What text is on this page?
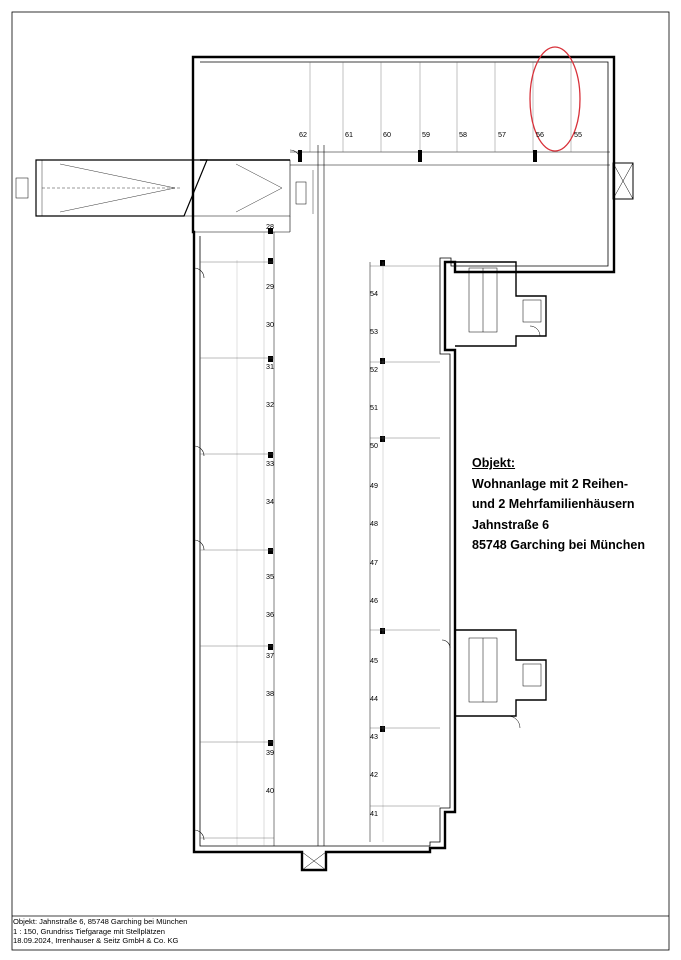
62	61	60	59	58	57	56	55
28
29
30
31
32
33
34
35
36
37
38
39
40
54
53
52
51
50
49
48
47
46
45
44
43
42
41
Objekt:
Wohnanlage mit 2 Reihen-
und 2 Mehrfamilienhäusern
Jahnstraße 6
85748 Garching bei München
Objekt: Jahnstraße 6, 85748 Garching bei München
1 : 150, Grundriss Tiefgarage mit Stellplätzen
18.09.2024, Irrenhauser & Seitz GmbH & Co. KG
